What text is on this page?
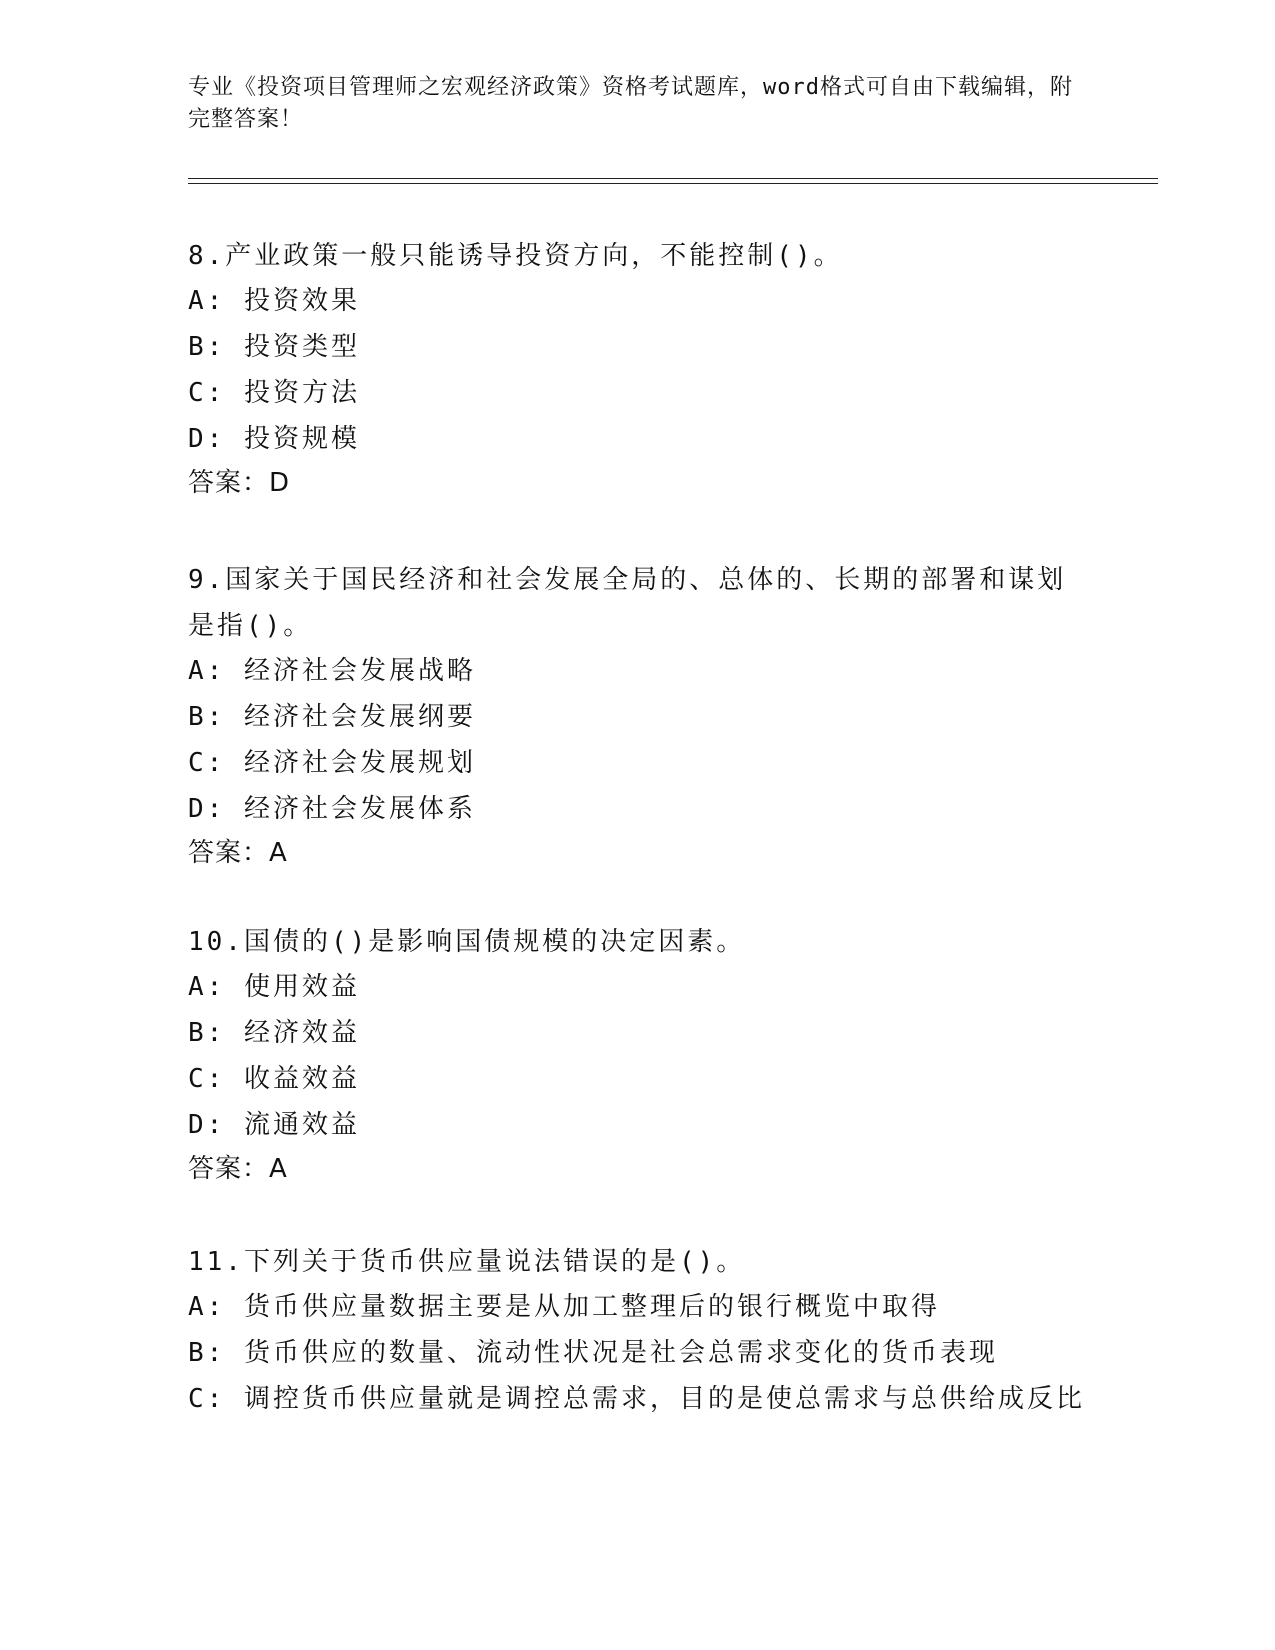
专业《投资项目管理师之宏观经济政策》资格考试题库，word格式可自由下载编辑，附完整答案！
8.产业政策一般只能诱导投资方向，不能控制()。
A: 投资效果
B: 投资类型
C: 投资方法
D: 投资规模
答案：D
9.国家关于国民经济和社会发展全局的、总体的、长期的部署和谋划是指()。
A: 经济社会发展战略
B: 经济社会发展纲要
C: 经济社会发展规划
D: 经济社会发展体系
答案：A
10.国债的()是影响国债规模的决定因素。
A: 使用效益
B: 经济效益
C: 收益效益
D: 流通效益
答案：A
11.下列关于货币供应量说法错误的是()。
A: 货币供应量数据主要是从加工整理后的银行概览中取得
B: 货币供应的数量、流动性状况是社会总需求变化的货币表现
C: 调控货币供应量就是调控总需求，目的是使总需求与总供给成反比
